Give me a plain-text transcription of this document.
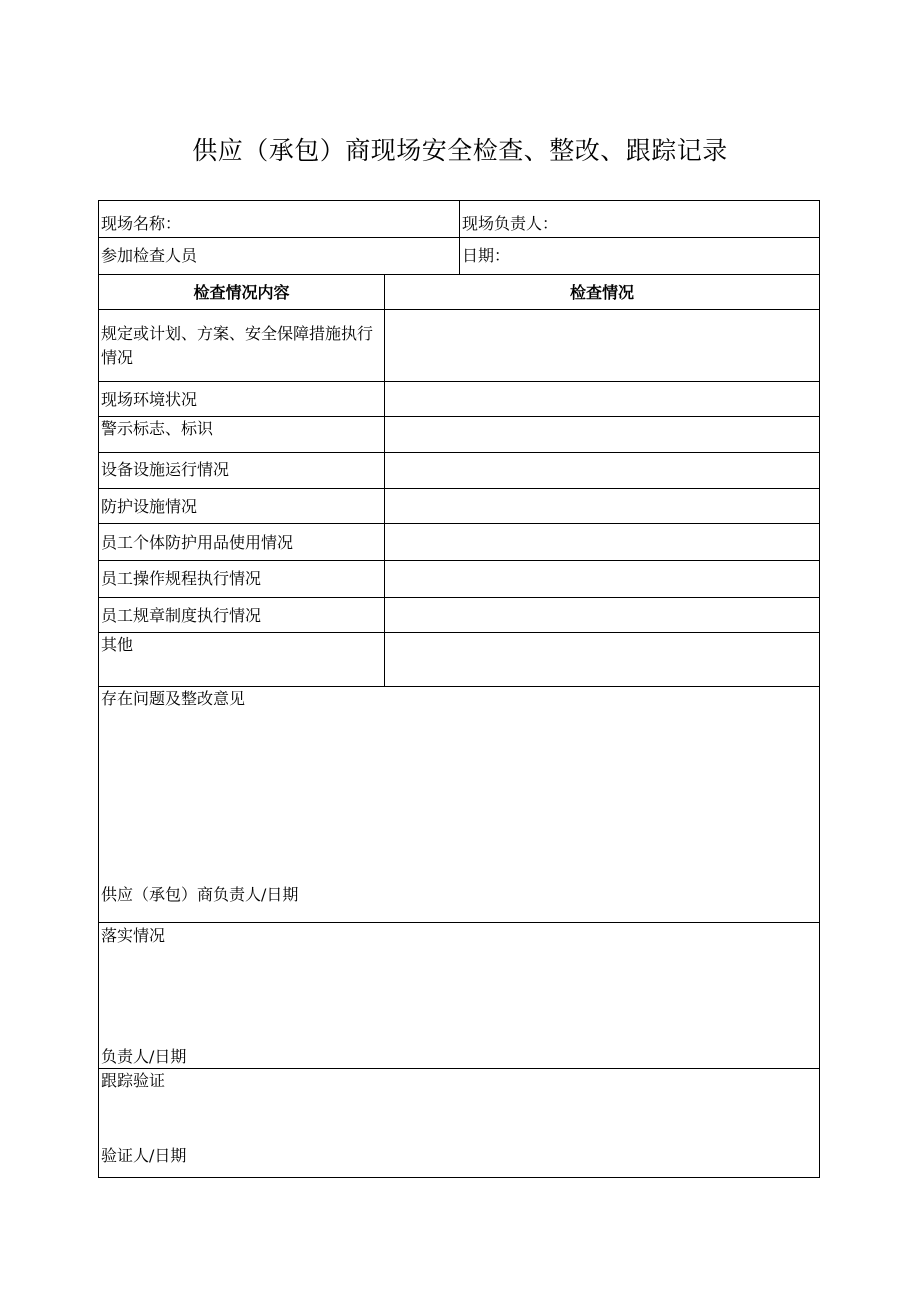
供应（承包）商现场安全检查、整改、跟踪记录
现场名称：	现场负责人：
参加检查人员	日期：
检查情况内容	检查情况
规定或计划、方案、安全保障措施执行情况
现场环境状况
警示标志、标识
设备设施运行情况
防护设施情况
员工个体防护用品使用情况
员工操作规程执行情况
员工规章制度执行情况
其他
存在问题及整改意见
供应（承包）商负责人/日期
落实情况
负责人/日期
跟踪验证
验证人/日期
